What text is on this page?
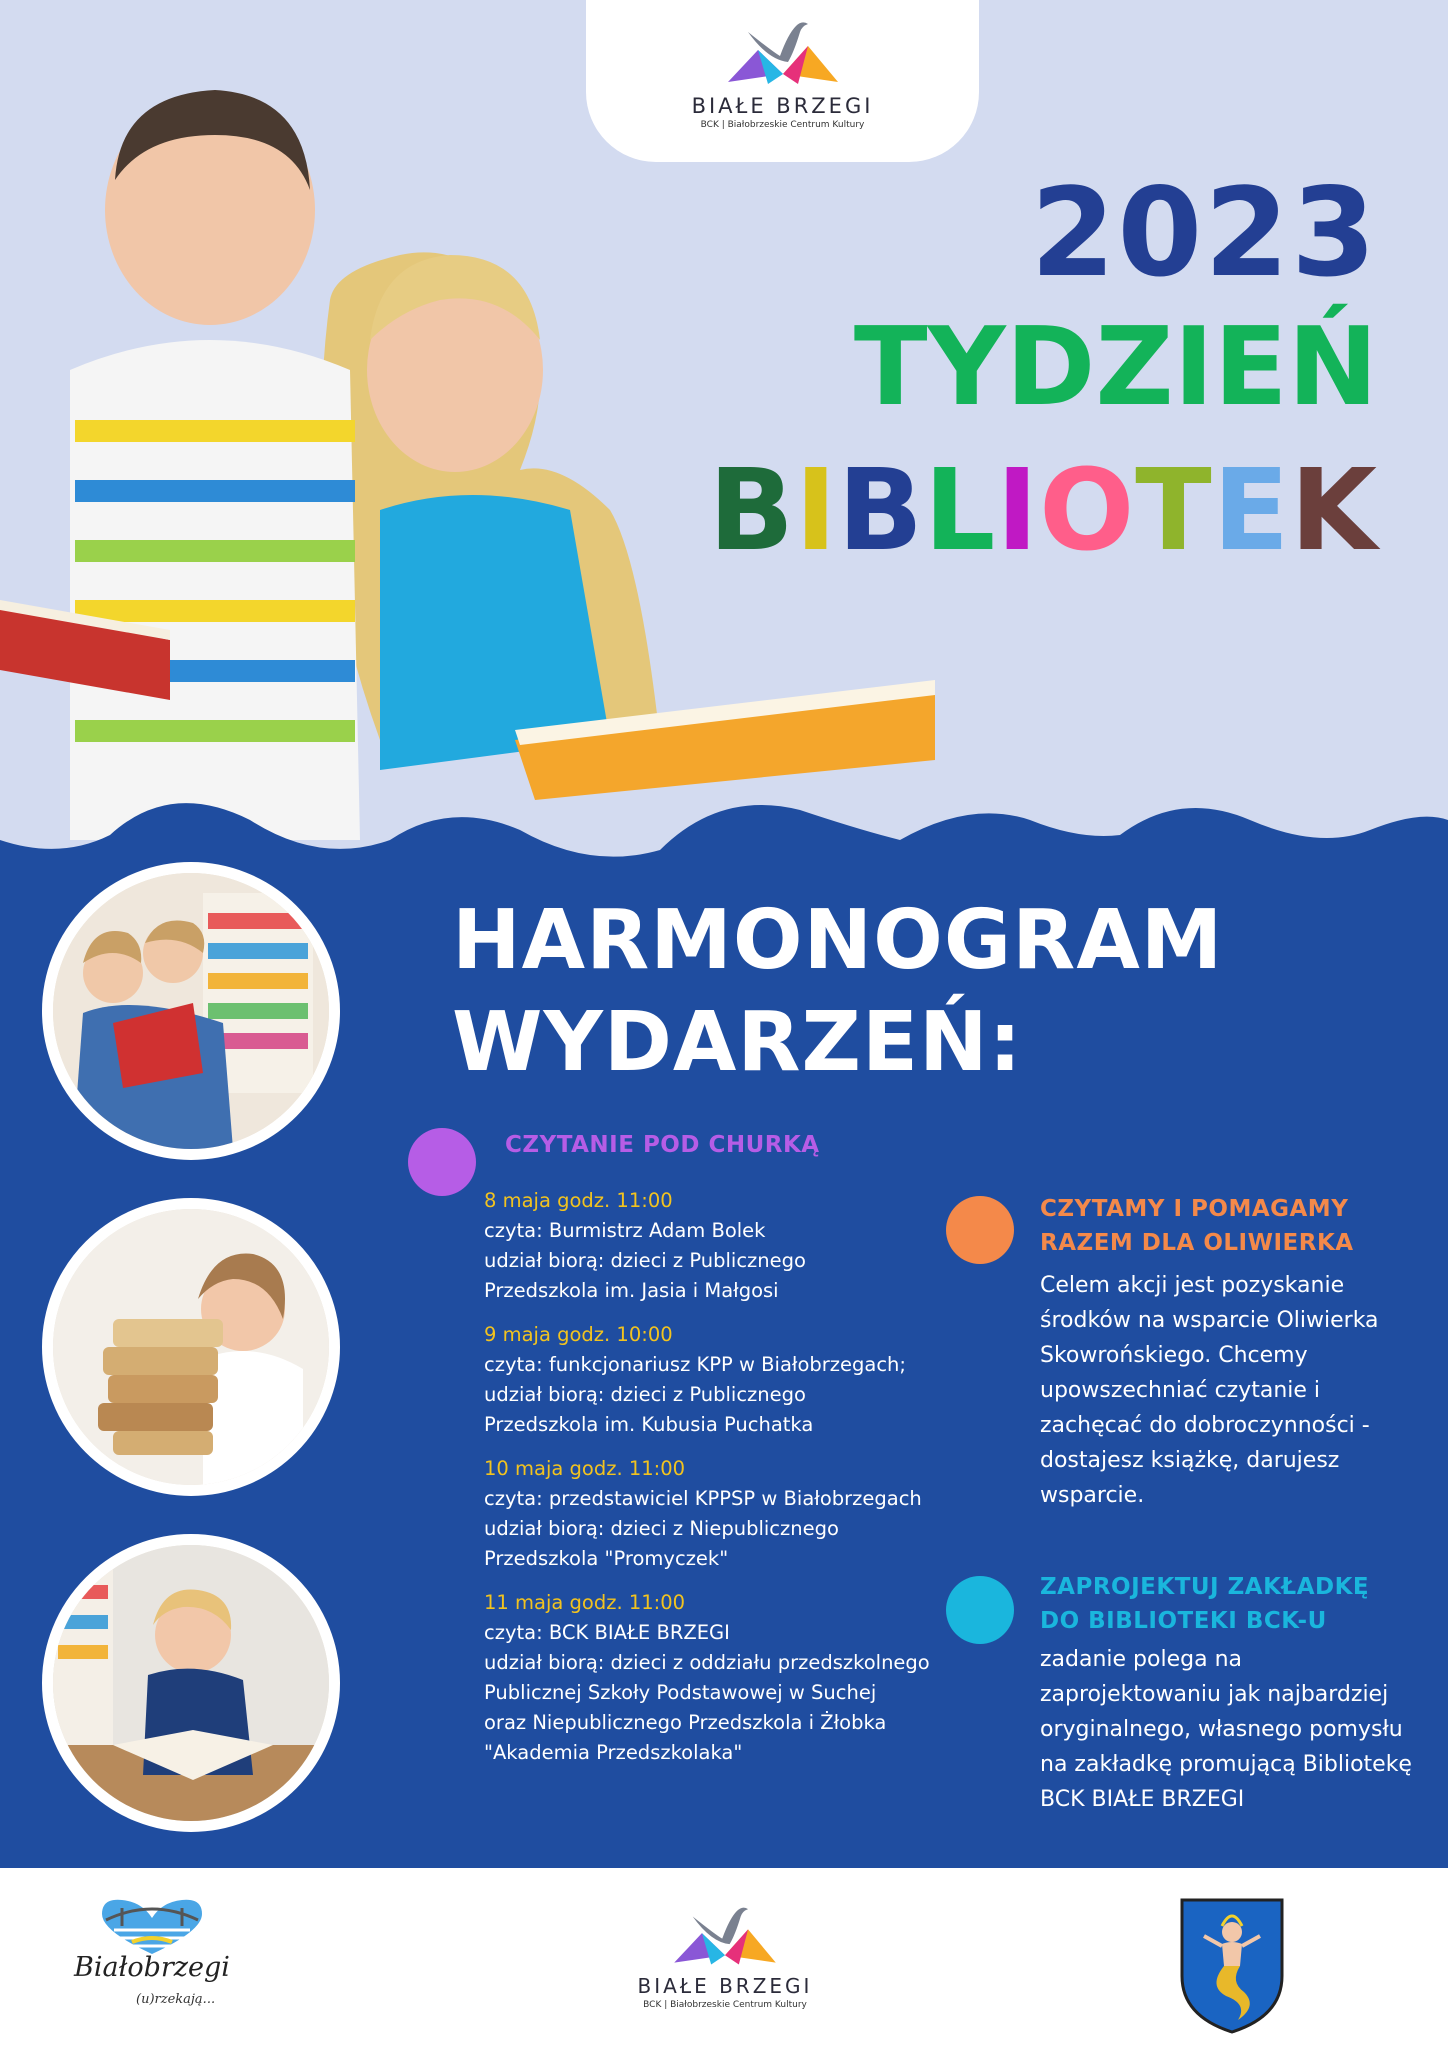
BIAŁE BRZEGI
BCK | Białobrzeskie Centrum Kultury
2023
TYDZIEŃ
BIBLIOTEK
HARMONOGRAM
WYDARZEŃ:
CZYTANIE POD CHURKĄ
8 maja godz. 11:00
czyta: Burmistrz Adam Bolek
udział biorą: dzieci z Publicznego
Przedszkola im. Jasia i Małgosi
9 maja godz. 10:00
czyta: funkcjonariusz KPP w Białobrzegach;
udział biorą: dzieci z Publicznego
Przedszkola im. Kubusia Puchatka
10 maja godz. 11:00
czyta: przedstawiciel KPPSP w Białobrzegach
udział biorą: dzieci z Niepublicznego
Przedszkola "Promyczek"
11 maja godz. 11:00
czyta: BCK BIAŁE BRZEGI
udział biorą: dzieci z oddziału przedszkolnego
Publicznej Szkoły Podstawowej w Suchej
oraz Niepublicznego Przedszkola i Żłobka
"Akademia Przedszkolaka"
CZYTAMY I POMAGAMY
RAZEM DLA OLIWIERKA
Celem akcji jest pozyskanie
środków na wsparcie Oliwierka
Skowrońskiego. Chcemy
upowszechniać czytanie i
zachęcać do dobroczynności -
dostajesz książkę, darujesz
wsparcie.
ZAPROJEKTUJ ZAKŁADKĘ
DO BIBLIOTEKI BCK-U
zadanie polega na
zaprojektowaniu jak najbardziej
oryginalnego, własnego pomysłu
na zakładkę promującą Bibliotekę
BCK BIAŁE BRZEGI
Białobrzegi
(u)rzekają...
BIAŁE BRZEGI
BCK | Białobrzeskie Centrum Kultury
